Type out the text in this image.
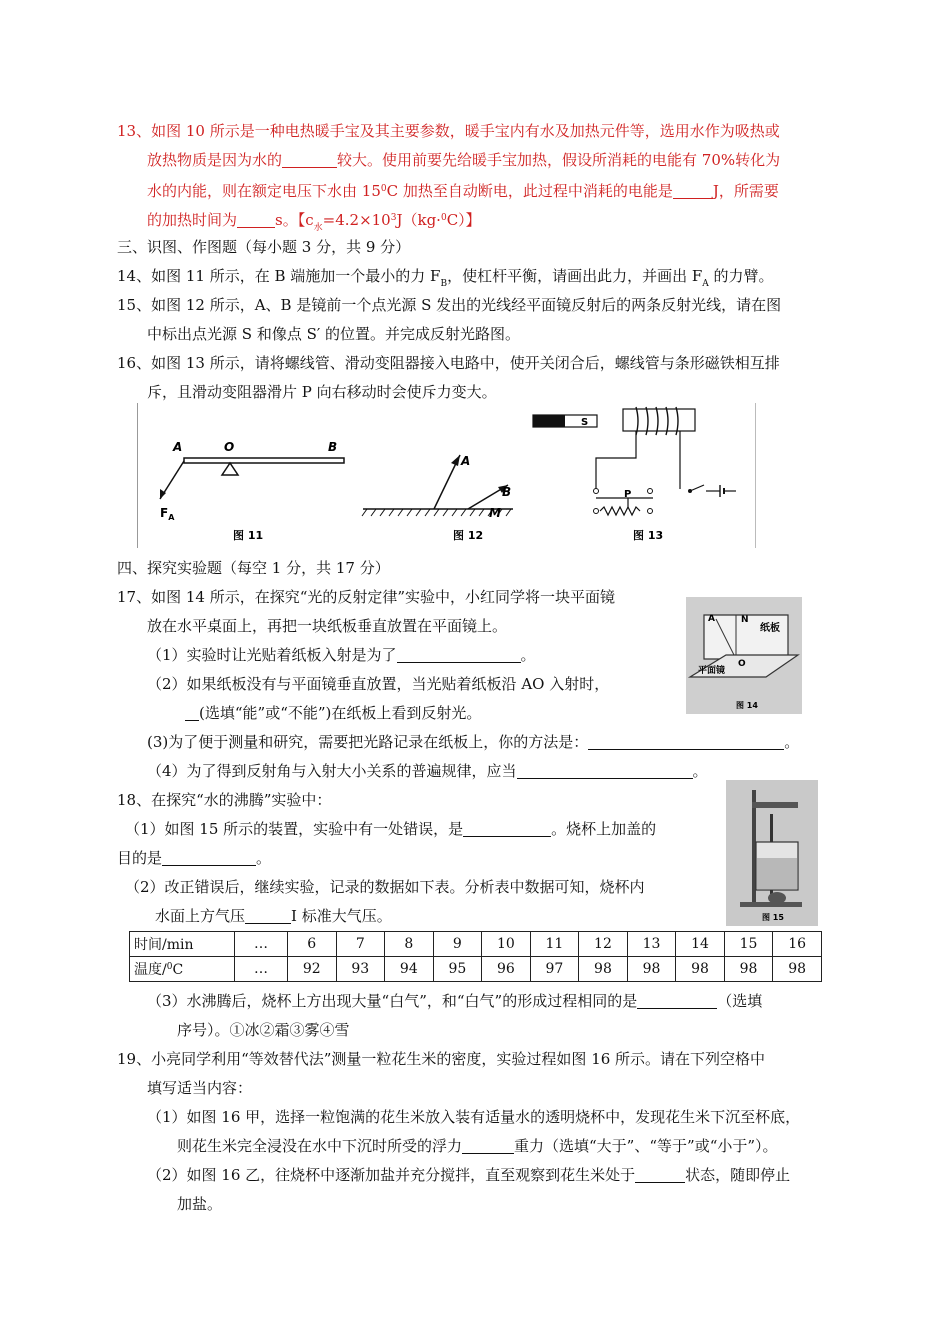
13、如图 10 所示是一种电热暖手宝及其主要参数，暖手宝内有水及加热元件等，选用水作为吸热或
放热物质是因为水的	较大。使用前要先给暖手宝加热，假设所消耗的电能有 70%转化为
水的内能，则在额定电压下水由 $15^0C$ 加热至自动断电，此过程中消耗的电能是	J，所需要
的加热时间为	s。【$c_水=4.2\times 10^3J(kg\cdot^0C)$】
三、识图、作图题（每小题 3 分，共 9 分）
14、如图 11 所示，在 B 端施加一个最小的力 $F_B$，使杠杆平衡，请画出此力，并画出 $F_A$ 的力臂。
15、如图 12 所示，A、B 是镜前一个点光源 S 发出的光线经平面镜反射后的两条反射光线，请在图
中标出点光源 S 和像点 S′ 的位置。并完成反射光路图。
16、如图 13 所示，请将螺线管、滑动变阻器接入电路中，使开关闭合后，螺线管与条形磁铁相互排
斥，且滑动变阻器滑片 P 向右移动时会使斥力变大。
A	O	B
$F_A$
图 11
A
B
M
图 12
S
P
图 13
四、探究实验题（每空 1 分，共 17 分）
17、如图 14 所示，在探究“光的反射定律”实验中，小红同学将一块平面镜
放在水平桌面上，再把一块纸板垂直放置在平面镜上。
（1）实验时让光贴着纸板入射是为了	。
（2）如果纸板没有与平面镜垂直放置，当光贴着纸板沿 AO 入射时，
(选填“能”或“不能”)在纸板上看到反射光。
(3)为了便于测量和研究，需要把光路记录在纸板上，你的方法是：	。
（4）为了得到反射角与入射大小关系的普遍规律，应当	。
A	N
纸板
O
平面镜
图 14
18、在探究“水的沸腾”实验中：
（1）如图 15 所示的装置，实验中有一处错误，是	。烧杯上加盖的
目的是	。
（2）改正错误后，继续实验，记录的数据如下表。分析表中数据可知，烧杯内
水面上方气压	I 标准大气压。	图 15
时间/min	…	6	7	8	9	10	11	12	13	14	15	16
温度/$^0$C	…	92	93	94	95	96	97	98	98	98	98	98
（3）水沸腾后，烧杯上方出现大量“白气”，和“白气”的形成过程相同的是	（选填
序号）。①冰②霜③雾④雪
19、小亮同学利用“等效替代法”测量一粒花生米的密度，实验过程如图 16 所示。请在下列空格中
填写适当内容：
（1）如图 16 甲，选择一粒饱满的花生米放入装有适量水的透明烧杯中，发现花生米下沉至杯底，
则花生米完全浸没在水中下沉时所受的浮力	重力（选填“大于”、“等于”或“小于”）。
（2）如图 16 乙，往烧杯中逐渐加盐并充分搅拌，直至观察到花生米处于	状态，随即停止
加盐。
